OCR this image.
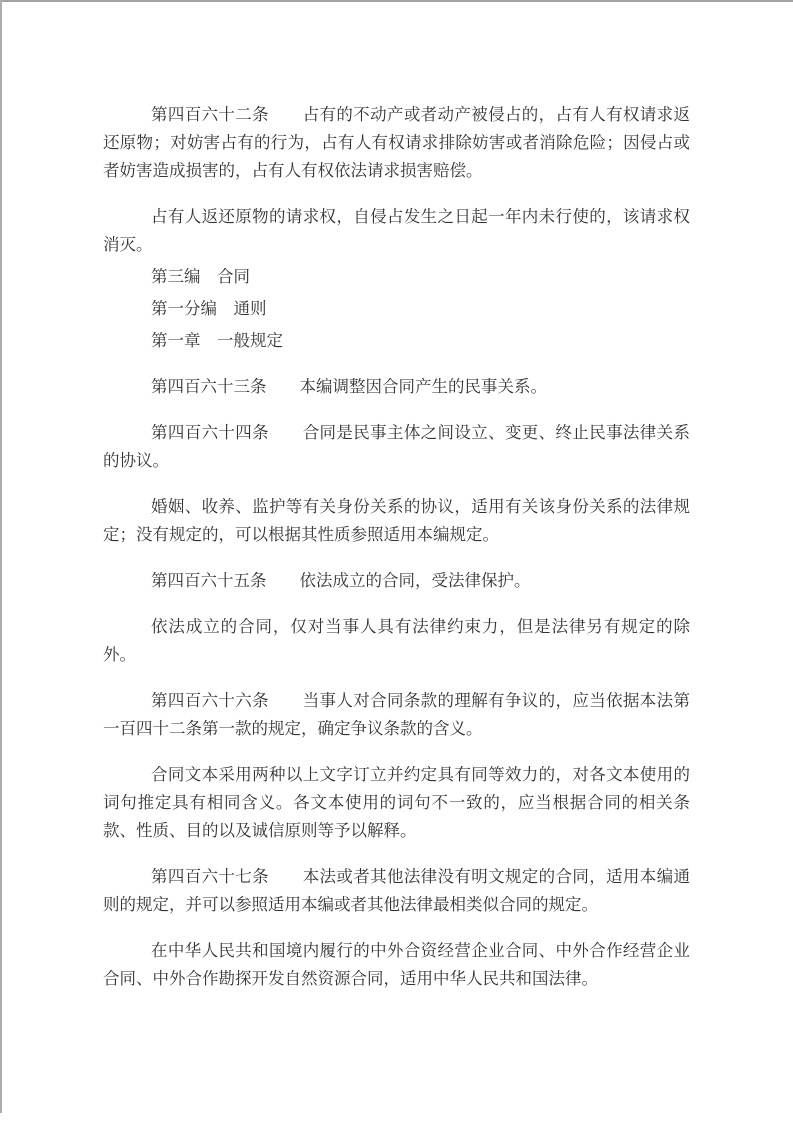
第四百六十二条　　占有的不动产或者动产被侵占的，占有人有权请求返还原物；对妨害占有的行为，占有人有权请求排除妨害或者消除危险；因侵占或者妨害造成损害的，占有人有权依法请求损害赔偿。

占有人返还原物的请求权，自侵占发生之日起一年内未行使的，该请求权消灭。

第三编　合同

第一分编　通则

第一章　一般规定

第四百六十三条　　本编调整因合同产生的民事关系。

第四百六十四条　　合同是民事主体之间设立、变更、终止民事法律关系的协议。

婚姻、收养、监护等有关身份关系的协议，适用有关该身份关系的法律规定；没有规定的，可以根据其性质参照适用本编规定。

第四百六十五条　　依法成立的合同，受法律保护。

依法成立的合同，仅对当事人具有法律约束力，但是法律另有规定的除外。

第四百六十六条　　当事人对合同条款的理解有争议的，应当依据本法第一百四十二条第一款的规定，确定争议条款的含义。

合同文本采用两种以上文字订立并约定具有同等效力的，对各文本使用的词句推定具有相同含义。各文本使用的词句不一致的，应当根据合同的相关条款、性质、目的以及诚信原则等予以解释。

第四百六十七条　　本法或者其他法律没有明文规定的合同，适用本编通则的规定，并可以参照适用本编或者其他法律最相类似合同的规定。

在中华人民共和国境内履行的中外合资经营企业合同、中外合作经营企业合同、中外合作勘探开发自然资源合同，适用中华人民共和国法律。
